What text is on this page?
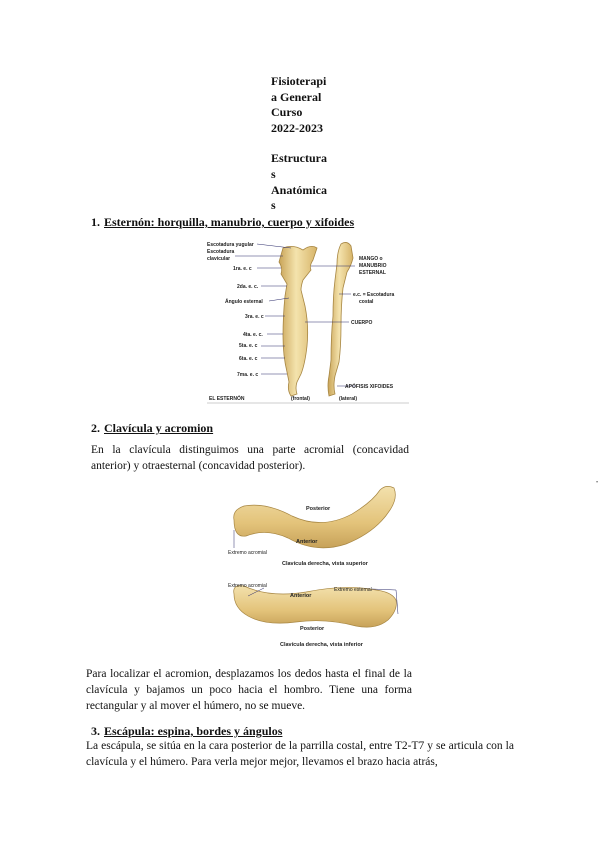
Fisioterapi
a General
Curso
2022-2023
Estructura
s
Anatómica
s
1. Esternón: horquilla, manubrio, cuerpo y xifoides
Escotadura yugular
Escotadura
clavicular
1ra. e. c
2da. e. c.
Ángulo esternal
3ra. e. c
4ta. e. c.
5ta. e. c
6ta. e. c
7ma. e. c
MANGO o
MANUBRIO
ESTERNAL
e.c. = Escotadura
costal
CUERPO
APÓFISIS XIFOIDES
EL ESTERNÓN	(frontal)	(lateral)
2. Clavícula y acromion
En la clavícula distinguimos una parte acromial (concavidad anterior) y otraesternal (concavidad posterior).
Posterior
Anterior
Extremo acromial
Clavícula derecha, vista superior
Extremo acromial
Extremo esternal
Anterior
Posterior
Clavícula derecha, vista inferior
Para localizar el acromion, desplazamos los dedos hasta el final de la clavícula y bajamos un poco hacia el hombro. Tiene una forma rectangular y al mover el húmero, no se mueve.
3. Escápula: espina, bordes y ángulos
La escápula, se sitúa en la cara posterior de la parrilla costal, entre T2-T7 y se articula con la clavícula y el húmero. Para verla mejor mejor, llevamos el brazo hacia atrás,
•
